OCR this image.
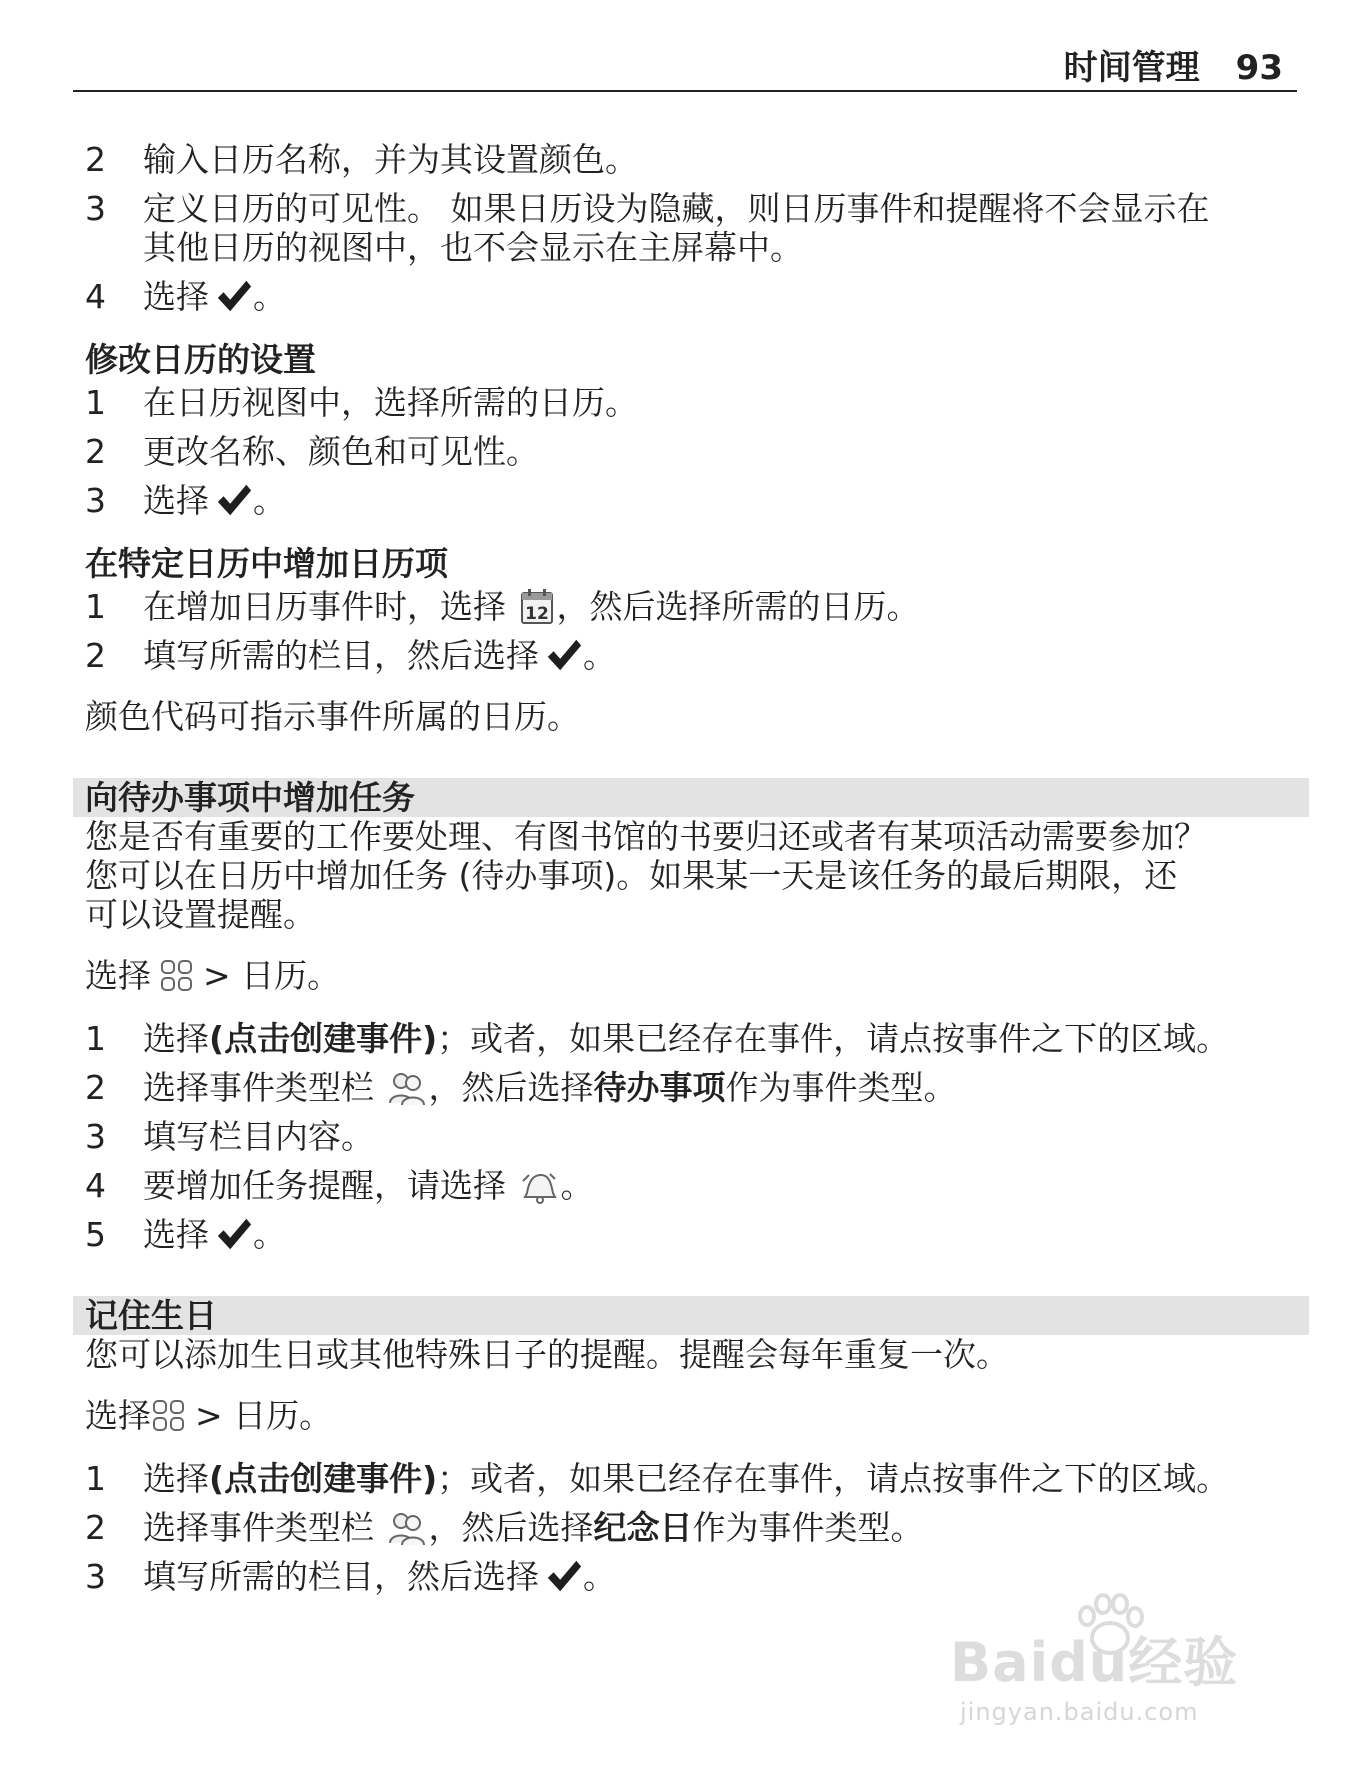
时间管理 93
2 输入日历名称，并为其设置颜色。
3 定义日历的可见性。 如果日历设为隐藏，则日历事件和提醒将不会显示在
其他日历的视图中，也不会显示在主屏幕中。
4 选择 。
修改日历的设置
1 在日历视图中，选择所需的日历。
2 更改名称、颜色和可见性。
3 选择 。
在特定日历中增加日历项
1 在增加日历事件时，选择 12 ，然后选择所需的日历。
2 填写所需的栏目，然后选择 。
颜色代码可指示事件所属的日历。
向待办事项中增加任务
您是否有重要的工作要处理、有图书馆的书要归还或者有某项活动需要参加？
您可以在日历中增加任务 (待办事项)。如果某一天是该任务的最后期限，还
可以设置提醒。
选择 > 日历。
1 选择(点击创建事件)；或者，如果已经存在事件，请点按事件之下的区域。
2 选择事件类型栏 ，然后选择待办事项作为事件类型。
3 填写栏目内容。
4 要增加任务提醒，请选择 。
5 选择 。
记住生日
您可以添加生日或其他特殊日子的提醒。提醒会每年重复一次。
选择 > 日历。
1 选择(点击创建事件)；或者，如果已经存在事件，请点按事件之下的区域。
2 选择事件类型栏 ，然后选择纪念日作为事件类型。
3 填写所需的栏目，然后选择 。
Baidu经验
jingyan.baidu.com
